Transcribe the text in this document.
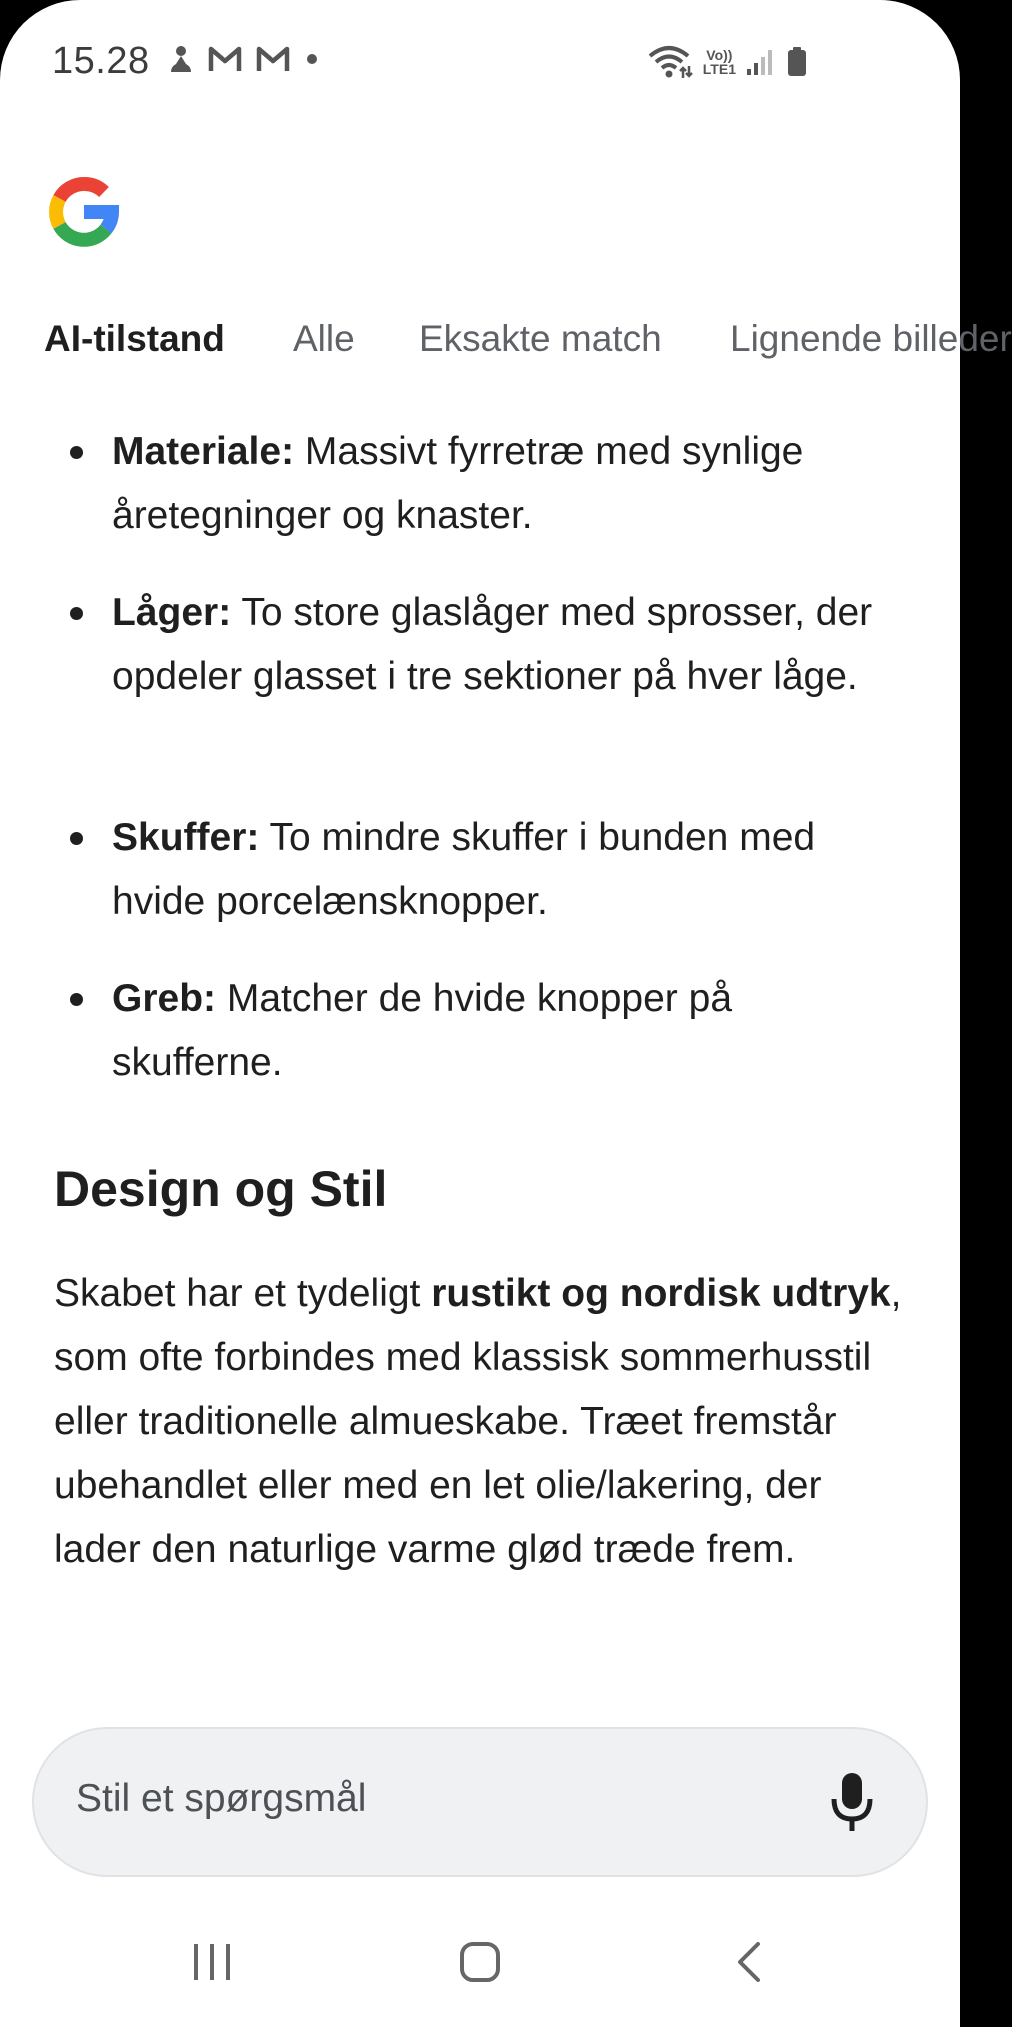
15.28	Vo))
LTE1
AI-tilstand Alle Eksakte match Lignende billeder
Materiale: Massivt fyrretræ med synlige åretegninger og knaster.
Låger: To store glaslåger med sprosser, der opdeler glasset i tre sektioner på hver låge.
Skuffer: To mindre skuffer i bunden med hvide porcelænsknopper.
Greb: Matcher de hvide knopper på skufferne.
Design og Stil

Skabet har et tydeligt rustikt og nordisk udtryk, som ofte forbindes med klassisk sommerhusstil eller traditionelle almueskabe. Træet fremstår ubehandlet eller med en let olie/lakering, der lader den naturlige varme glød træde frem.

Stil et spørgsmål
